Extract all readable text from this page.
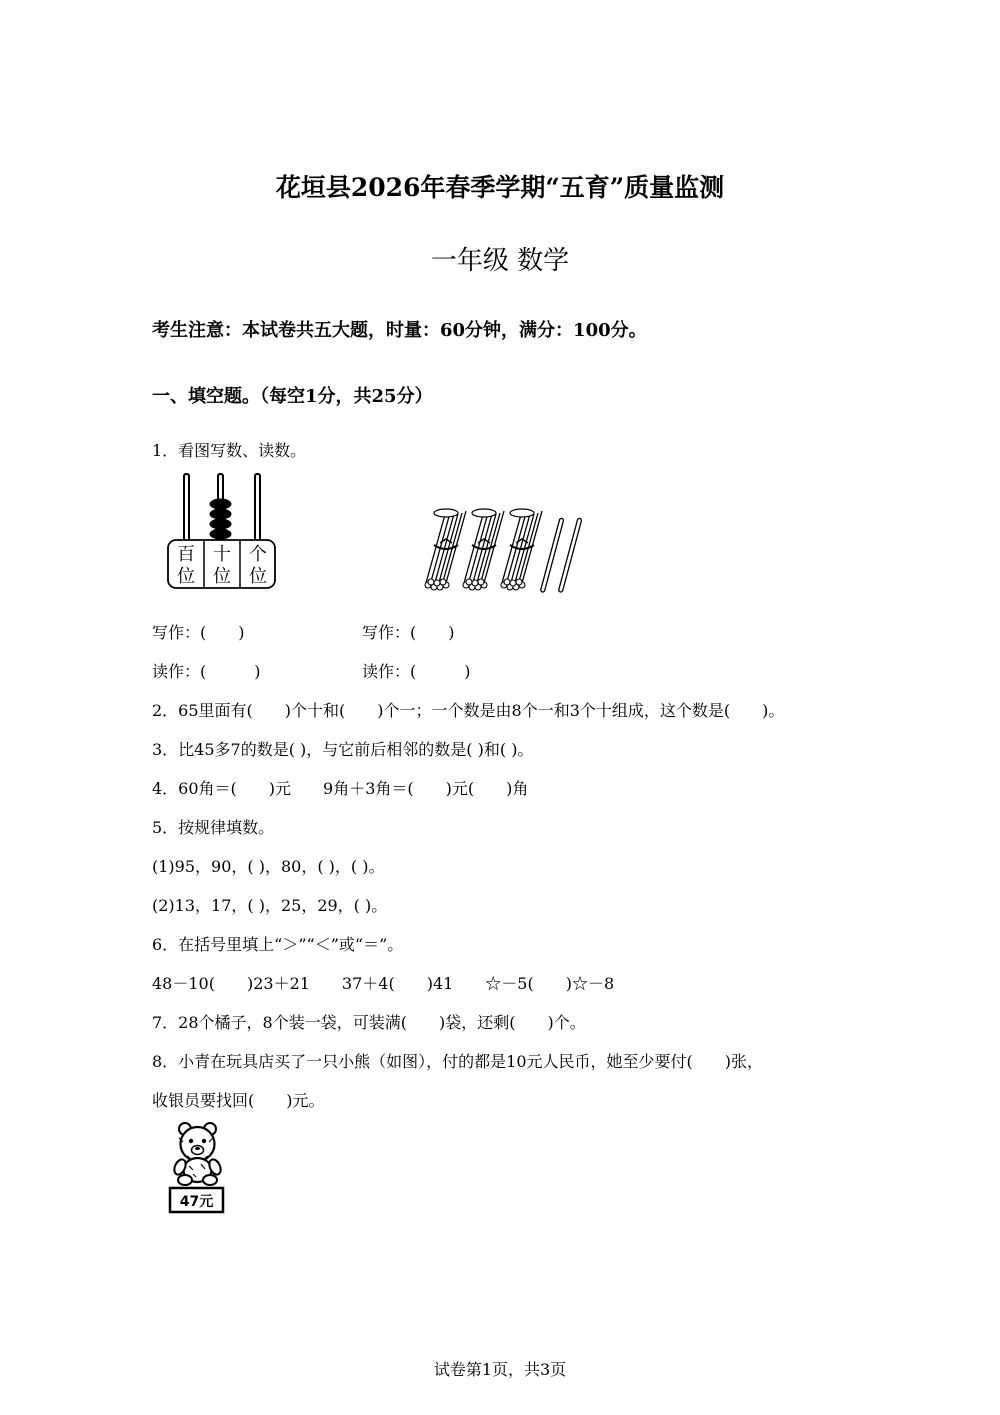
花垣县2026年春季学期“五育”质量监测
一年级 数学
考生注意：本试卷共五大题，时量：60分钟，满分：100分。
一、填空题。（每空1分，共25分）
1．看图写数、读数。
百 十 个
位 位 位
写作：(　　)	写作：(　　)
读作：(　　　)	读作：(　　　)
2．65里面有(　　)个十和(　　)个一；一个数是由8个一和3个十组成，这个数是(　　)。
3．比45多7的数是( )，与它前后相邻的数是( )和( )。
4．60角＝(　　)元　　9角＋3角＝(　　)元(　　)角
5．按规律填数。
(1)95，90，( )，80，( )，( )。
(2)13，17，( )，25，29，( )。
6．在括号里填上“＞”“＜”或“＝”。
48－10(　　)23＋21　　37＋4(　　)41　　☆－5(　　)☆－8
7．28个橘子，8个装一袋，可装满(　　)袋，还剩(　　)个。
8．小青在玩具店买了一只小熊（如图），付的都是10元人民币，她至少要付(　　)张，
收银员要找回(　　)元。
47元
试卷第1页，共3页
